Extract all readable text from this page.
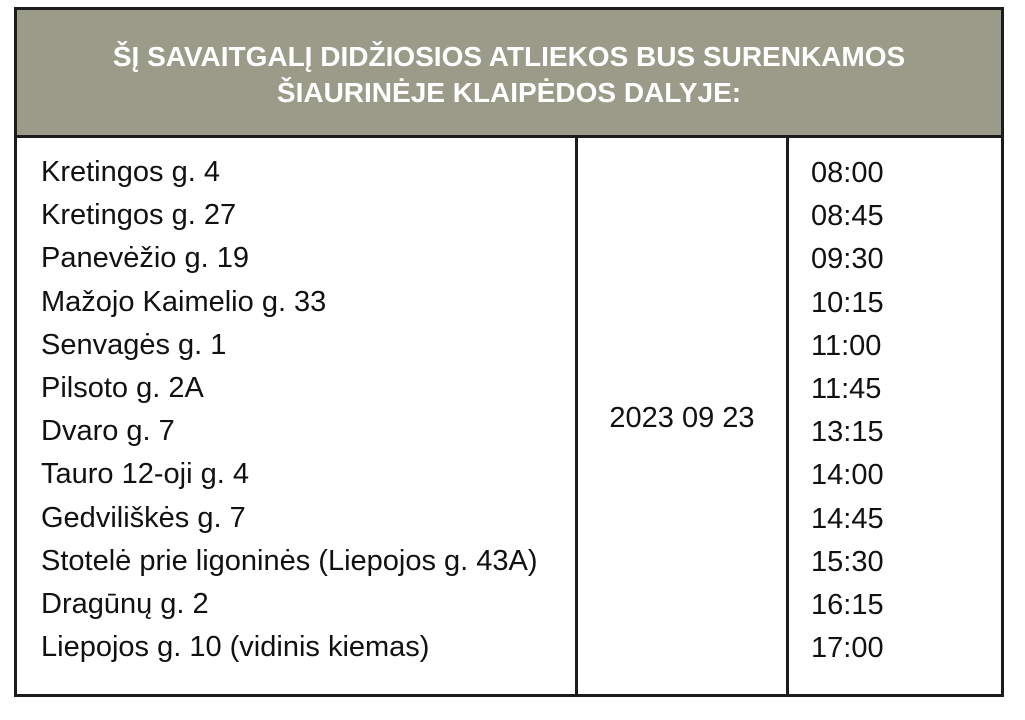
ŠĮ SAVAITGALĮ DIDŽIOSIOS ATLIEKOS BUS SURENKAMOS
ŠIAURINĖJE KLAIPĖDOS DALYJE:
Kretingos g. 4
Kretingos g. 27
Panevėžio g. 19
Mažojo Kaimelio g. 33
Senvagės g. 1
Pilsoto g. 2A
Dvaro g. 7
Tauro 12-oji g. 4
Gedviliškės g. 7
Stotelė prie ligoninės (Liepojos g. 43A)
Dragūnų g. 2
Liepojos g. 10 (vidinis kiemas)
2023 09 23
08:00
08:45
09:30
10:15
11:00
11:45
13:15
14:00
14:45
15:30
16:15
17:00
